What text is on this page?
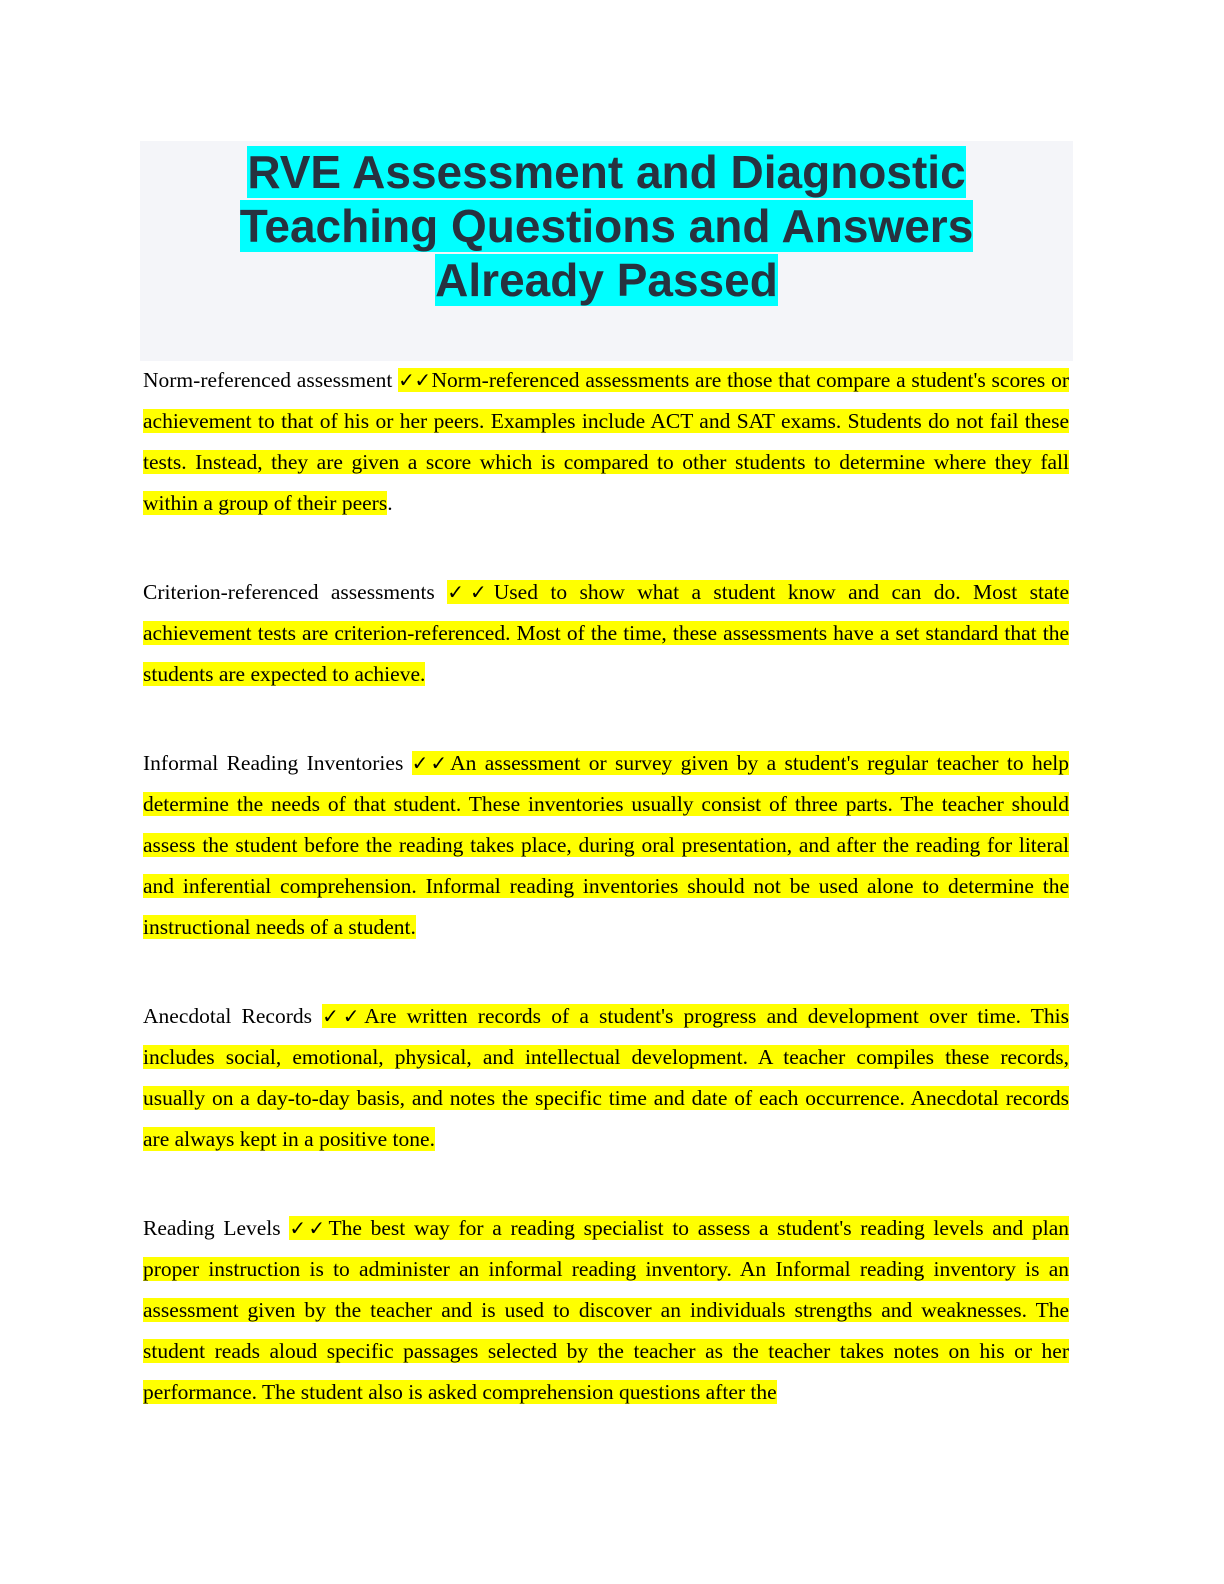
RVE Assessment and Diagnostic
Teaching Questions and Answers
Already Passed

Norm-referenced assessment ✓✓Norm-referenced assessments are those that compare a student's scores or achievement to that of his or her peers. Examples include ACT and SAT exams. Students do not fail these tests. Instead, they are given a score which is compared to other students to determine where they fall within a group of their peers.

Criterion-referenced assessments ✓✓Used to show what a student know and can do. Most state achievement tests are criterion-referenced. Most of the time, these assessments have a set standard that the students are expected to achieve.

Informal Reading Inventories ✓✓An assessment or survey given by a student's regular teacher to help determine the needs of that student. These inventories usually consist of three parts. The teacher should assess the student before the reading takes place, during oral presentation, and after the reading for literal and inferential comprehension. Informal reading inventories should not be used alone to determine the instructional needs of a student.

Anecdotal Records ✓✓Are written records of a student's progress and development over time. This includes social, emotional, physical, and intellectual development. A teacher compiles these records, usually on a day-to-day basis, and notes the specific time and date of each occurrence. Anecdotal records are always kept in a positive tone.

Reading Levels ✓✓The best way for a reading specialist to assess a student's reading levels and plan proper instruction is to administer an informal reading inventory. An Informal reading inventory is an assessment given by the teacher and is used to discover an individuals strengths and weaknesses. The student reads aloud specific passages selected by the teacher as the teacher takes notes on his or her performance. The student also is asked comprehension questions after the
